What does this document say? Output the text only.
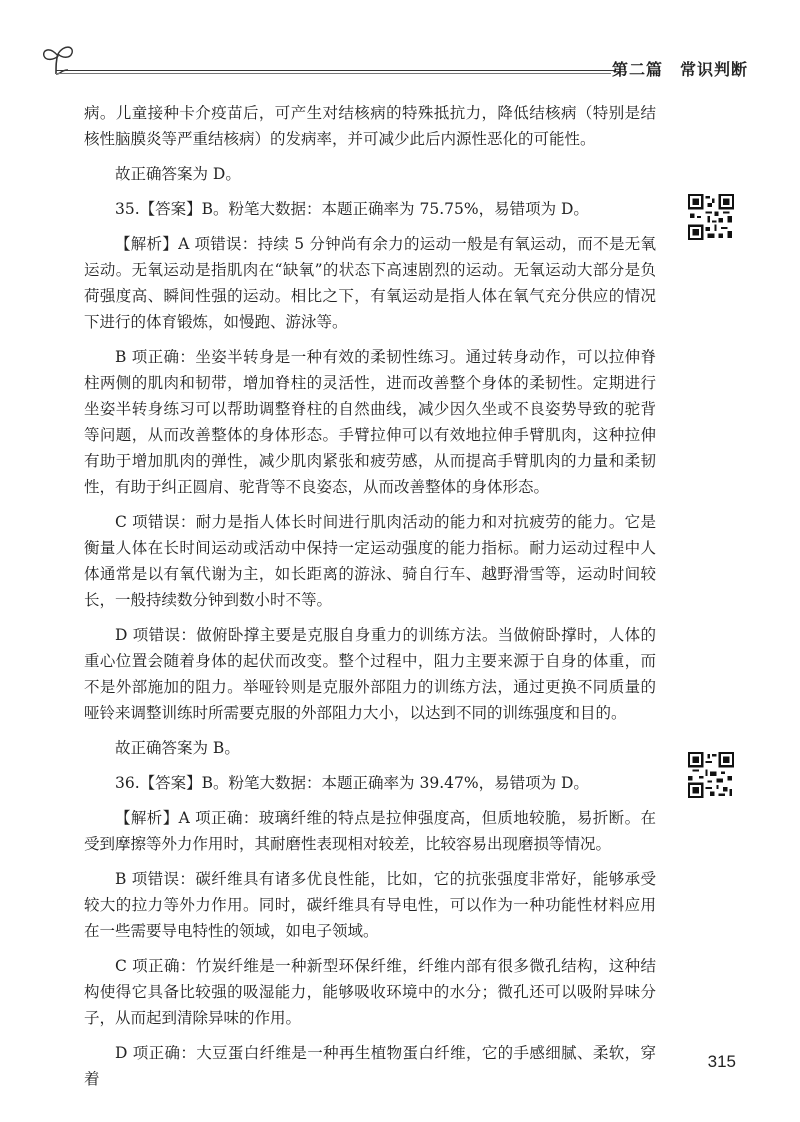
第二篇　常识判断

病。儿童接种卡介疫苗后，可产生对结核病的特殊抵抗力，降低结核病（特别是结核性脑膜炎等严重结核病）的发病率，并可减少此后内源性恶化的可能性。

故正确答案为 D。

35.【答案】B。粉笔大数据：本题正确率为 75.75%，易错项为 D。

【解析】A 项错误：持续 5 分钟尚有余力的运动一般是有氧运动，而不是无氧运动。无氧运动是指肌肉在“缺氧”的状态下高速剧烈的运动。无氧运动大部分是负荷强度高、瞬间性强的运动。相比之下，有氧运动是指人体在氧气充分供应的情况下进行的体育锻炼，如慢跑、游泳等。

B 项正确：坐姿半转身是一种有效的柔韧性练习。通过转身动作，可以拉伸脊柱两侧的肌肉和韧带，增加脊柱的灵活性，进而改善整个身体的柔韧性。定期进行坐姿半转身练习可以帮助调整脊柱的自然曲线，减少因久坐或不良姿势导致的驼背等问题，从而改善整体的身体形态。手臂拉伸可以有效地拉伸手臂肌肉，这种拉伸有助于增加肌肉的弹性，减少肌肉紧张和疲劳感，从而提高手臂肌肉的力量和柔韧性，有助于纠正圆肩、驼背等不良姿态，从而改善整体的身体形态。

C 项错误：耐力是指人体长时间进行肌肉活动的能力和对抗疲劳的能力。它是衡量人体在长时间运动或活动中保持一定运动强度的能力指标。耐力运动过程中人体通常是以有氧代谢为主，如长距离的游泳、骑自行车、越野滑雪等，运动时间较长，一般持续数分钟到数小时不等。

D 项错误：做俯卧撑主要是克服自身重力的训练方法。当做俯卧撑时，人体的重心位置会随着身体的起伏而改变。整个过程中，阻力主要来源于自身的体重，而不是外部施加的阻力。举哑铃则是克服外部阻力的训练方法，通过更换不同质量的哑铃来调整训练时所需要克服的外部阻力大小，以达到不同的训练强度和目的。

故正确答案为 B。

36.【答案】B。粉笔大数据：本题正确率为 39.47%，易错项为 D。

【解析】A 项正确：玻璃纤维的特点是拉伸强度高，但质地较脆，易折断。在受到摩擦等外力作用时，其耐磨性表现相对较差，比较容易出现磨损等情况。

B 项错误：碳纤维具有诸多优良性能，比如，它的抗张强度非常好，能够承受较大的拉力等外力作用。同时，碳纤维具有导电性，可以作为一种功能性材料应用在一些需要导电特性的领域，如电子领域。

C 项正确：竹炭纤维是一种新型环保纤维，纤维内部有很多微孔结构，这种结构使得它具备比较强的吸湿能力，能够吸收环境中的水分；微孔还可以吸附异味分子，从而起到清除异味的作用。

D 项正确：大豆蛋白纤维是一种再生植物蛋白纤维，它的手感细腻、柔软，穿着

315
